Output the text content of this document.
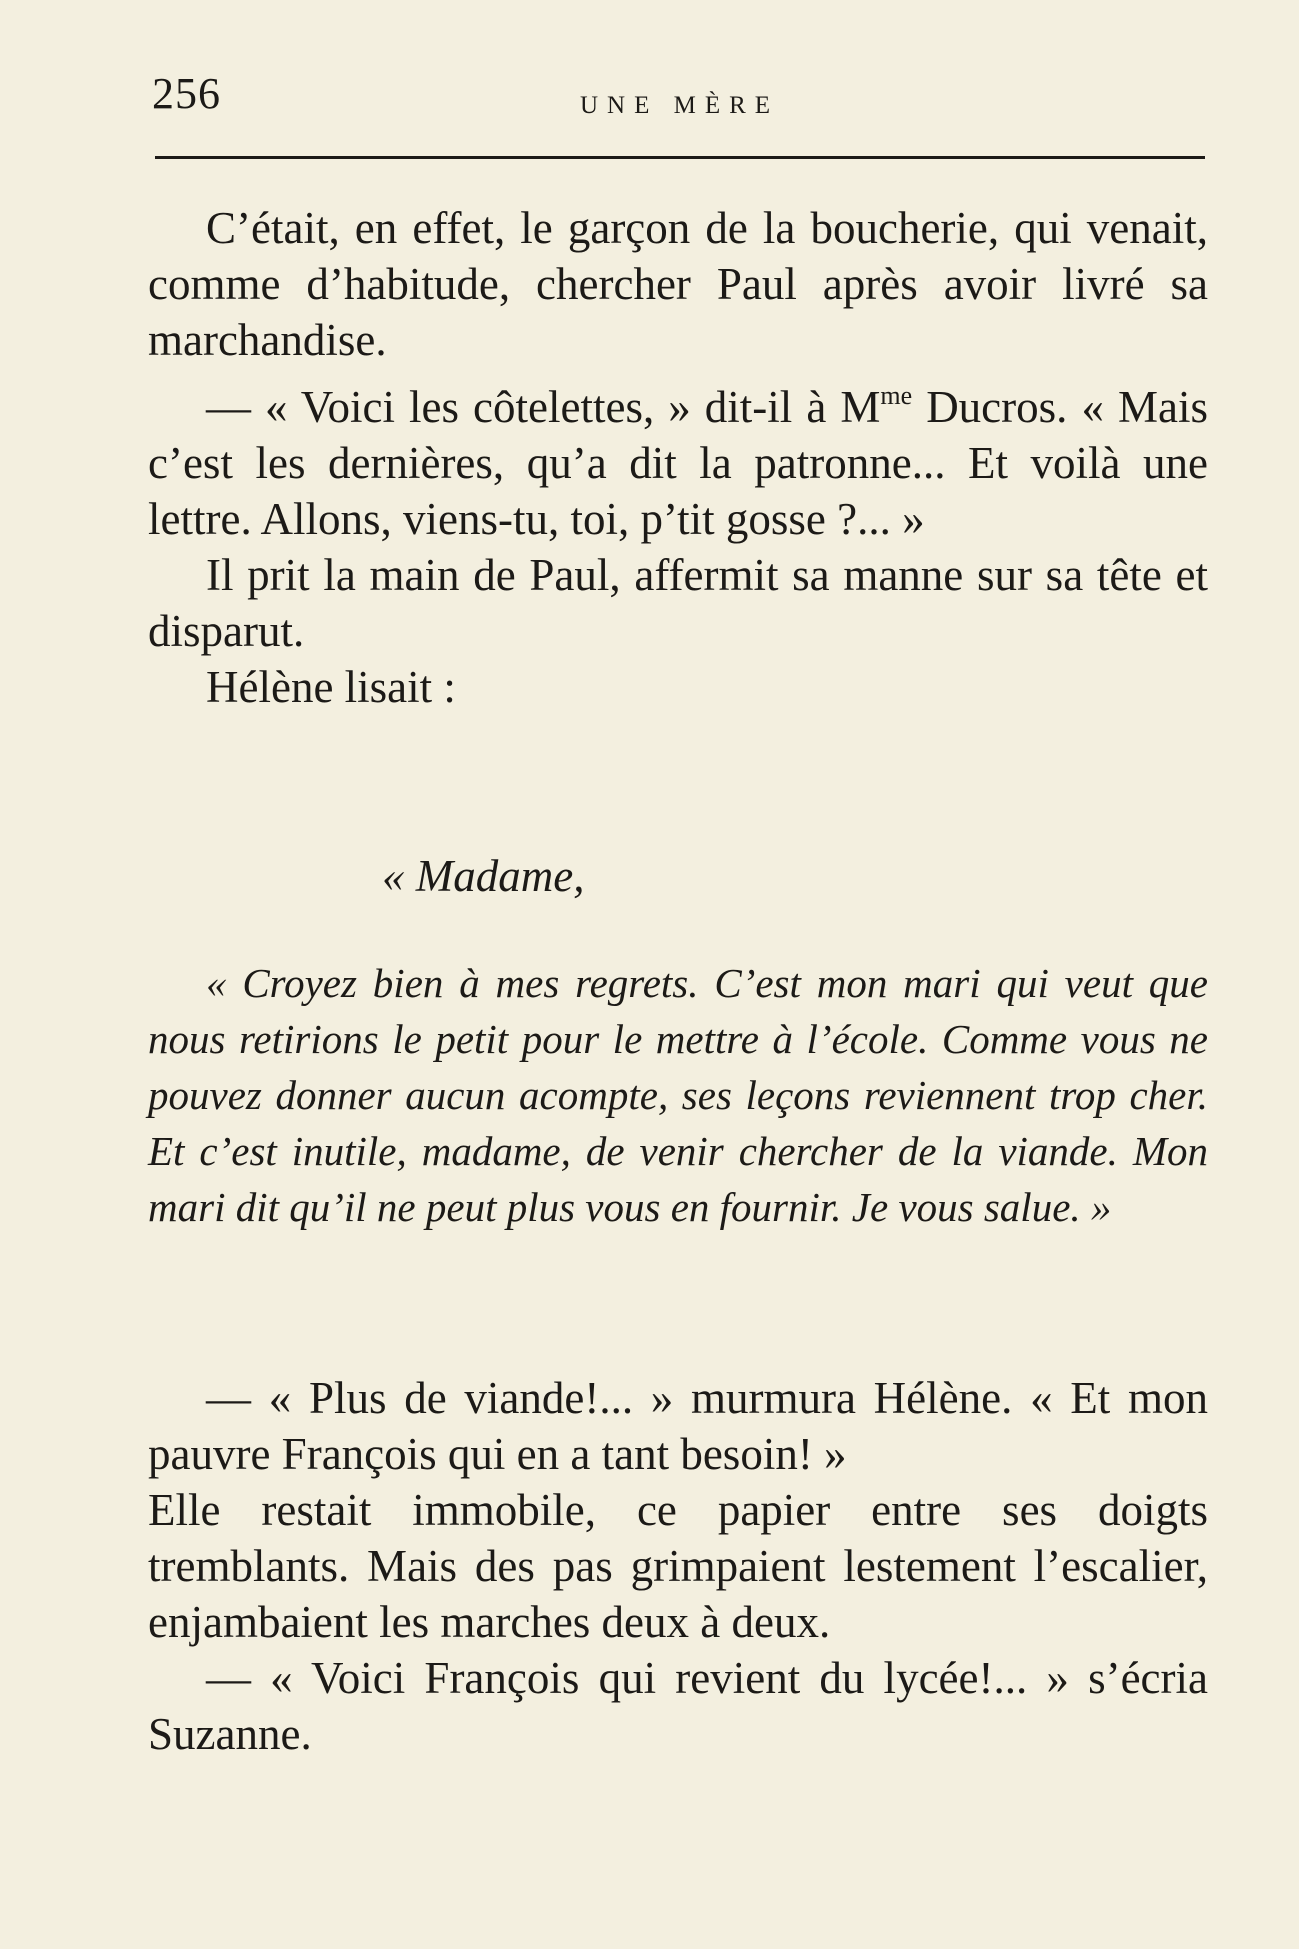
256	UNE MÈRE

C’était, en effet, le garçon de la boucherie, qui venait, comme d’habitude, chercher Paul après avoir livré sa marchandise.

— « Voici les côtelettes, » dit-il à $M^{me}$ Ducros. « Mais c’est les dernières, qu’a dit la patronne... Et voilà une lettre. Allons, viens-tu, toi, p’tit gosse ?... »

Il prit la main de Paul, affermit sa manne sur sa tête et disparut.

Hélène lisait :

« Madame,

« Croyez bien à mes regrets. C’est mon mari qui veut que nous retirions le petit pour le mettre à l’école. Comme vous ne pouvez donner aucun acompte, ses leçons reviennent trop cher. Et c’est inutile, madame, de venir chercher de la viande. Mon mari dit qu’il ne peut plus vous en fournir. Je vous salue. »

— « Plus de viande!... » murmura Hélène. « Et mon pauvre François qui en a tant besoin! »

Elle restait immobile, ce papier entre ses doigts tremblants. Mais des pas grimpaient lestement l’escalier, enjambaient les marches deux à deux.

— « Voici François qui revient du lycée!... » s’écria Suzanne.
